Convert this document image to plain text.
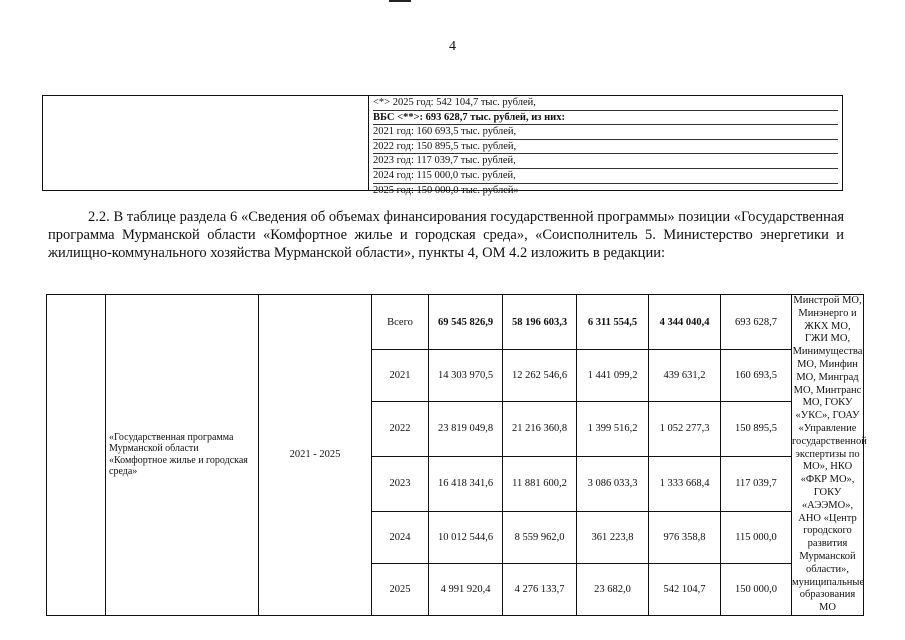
4
<*> 2025 год: 542 104,7 тыс. рублей,
ВБС <**>: 693 628,7 тыс. рублей, из них:
2021 год: 160 693,5 тыс. рублей,
2022 год: 150 895,5 тыс. рублей,
2023 год: 117 039,7 тыс. рублей,
2024 год: 115 000,0 тыс. рублей,
2025 год: 150 000,0 тыс. рублей»
2.2. В таблице раздела 6 «Сведения об объемах финансирования государственной программы» позиции «Государственная программа Мурманской области «Комфортное жилье и городская среда», «Соисполнитель 5. Министерство энергетики и жилищно-коммунального хозяйства Мурманской области», пункты 4, ОМ 4.2 изложить в редакции:
	«Государственная программа Мурманской области «Комфортное жилье и городская среда»	2021 - 2025	Всего	69 545 826,9	58 196 603,3	6 311 554,5	4 344 040,4	693 628,7	Минстрой МО, Минэнерго и ЖКХ МО, ГЖИ МО, Минимущества МО, Минфин МО, Минград МО, Минтранс МО, ГОКУ «УКС», ГОАУ «Управление государственной экспертизы по МО», НКО «ФКР МО», ГОКУ «АЭЭМО», АНО «Центр городского развития Мурманской области», муниципальные образования МО
			2021	14 303 970,5	12 262 546,6	1 441 099,2	439 631,2	160 693,5	
			2022	23 819 049,8	21 216 360,8	1 399 516,2	1 052 277,3	150 895,5	
			2023	16 418 341,6	11 881 600,2	3 086 033,3	1 333 668,4	117 039,7	
			2024	10 012 544,6	8 559 962,0	361 223,8	976 358,8	115 000,0	
			2025	4 991 920,4	4 276 133,7	23 682,0	542 104,7	150 000,0	
